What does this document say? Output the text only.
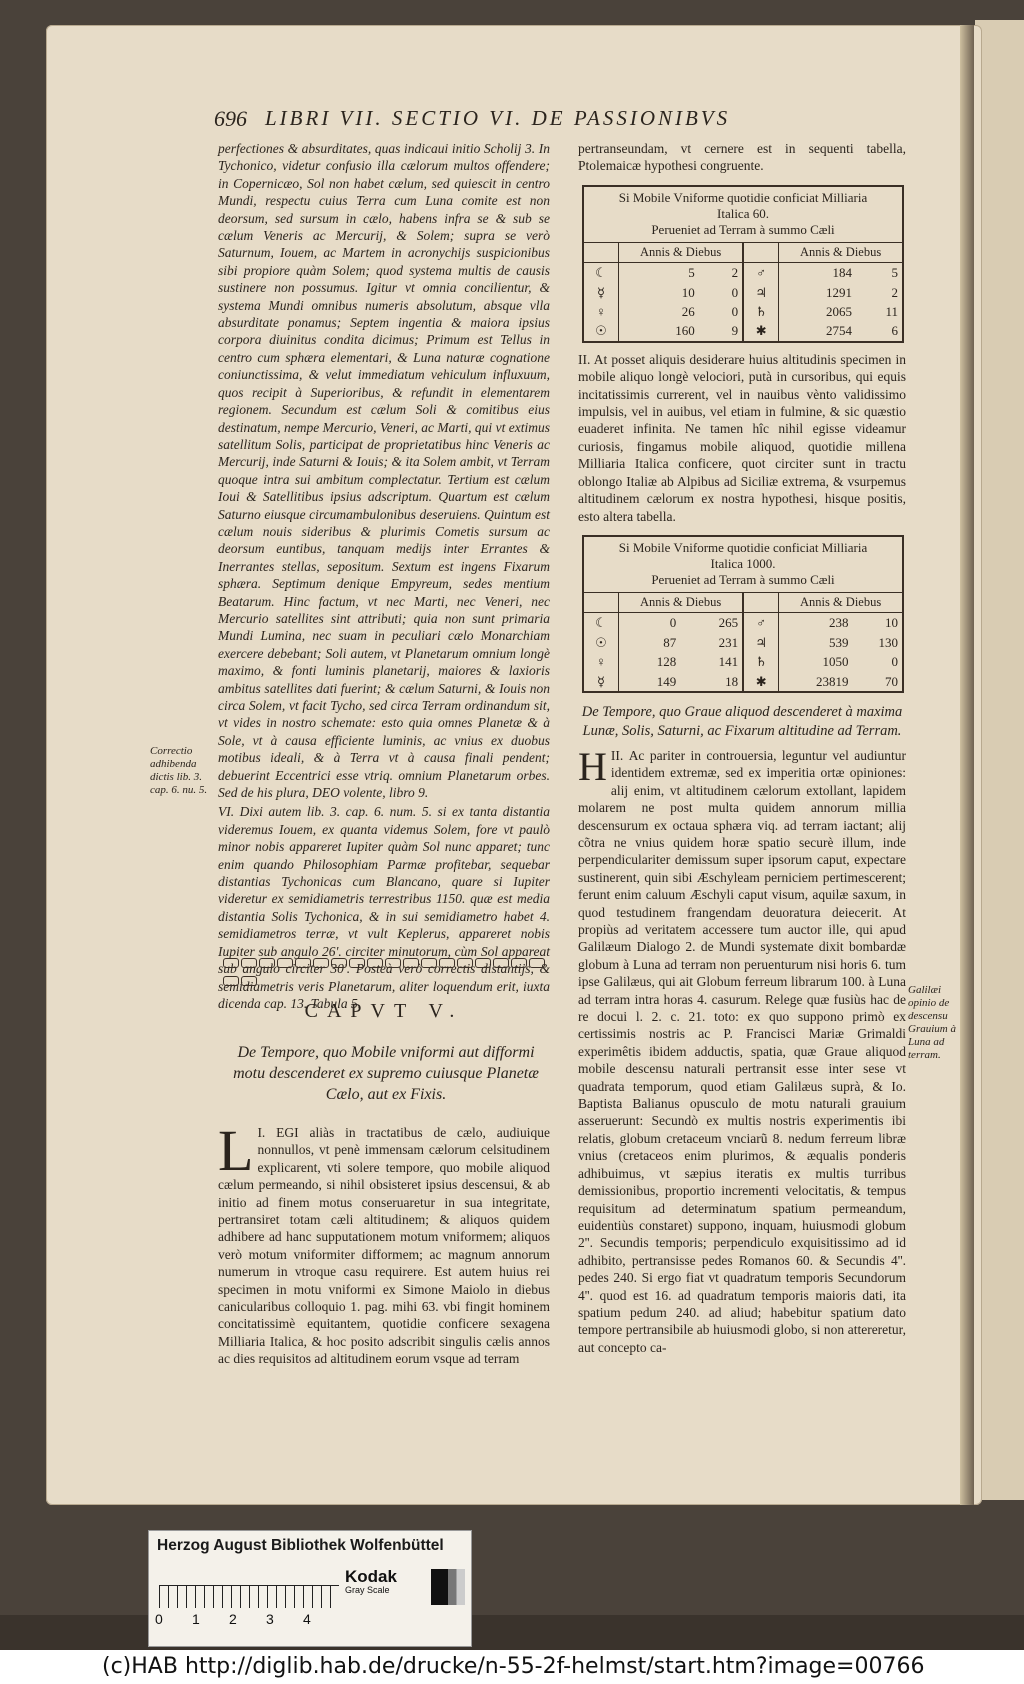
696 LIBRI VII. SECTIO VI. DE PASSIONIBVS

perfectiones & absurditates, quas indicaui initio Scholij 3. In Tychonico, videtur confusio illa cælorum multos offendere; in Copernicæo, Sol non habet cælum, sed quiescit in centro Mundi, respectu cuius Terra cum Luna comite est non deorsum, sed sursum in cælo, habens infra se & sub se cælum Veneris ac Mercurij, & Solem; supra se verò Saturnum, Iouem, ac Martem in acronychijs suspicionibus sibi propiore quàm Solem; quod systema multis de causis sustinere non possumus. Igitur vt omnia concilientur, & systema Mundi omnibus numeris absolutum, absque vlla absurditate ponamus; Septem ingentia & maiora ipsius corpora diuinitus condita dicimus; Primum est Tellus in centro cum sphæra elementari, & Luna naturæ cognatione coniunctissima, & velut immediatum vehiculum influxuum, quos recipit à Superioribus, & refundit in elementarem regionem. Secundum est cælum Soli & comitibus eius destinatum, nempe Mercurio, Veneri, ac Marti, qui vt extimus satellitum Solis, participat de proprietatibus hinc Veneris ac Mercurij, inde Saturni & Iouis; & ita Solem ambit, vt Terram quoque intra sui ambitum complectatur. Tertium est cælum Ioui & Satellitibus ipsius adscriptum. Quartum est cælum Saturno eiusque circumambulonibus deseruiens. Quintum est cælum nouis sideribus & plurimis Cometis sursum ac deorsum euntibus, tanquam medijs inter Errantes & Inerrantes stellas, sepositum. Sextum est ingens Fixarum sphæra. Septimum denique Empyreum, sedes mentium Beatarum. Hinc factum, vt nec Marti, nec Veneri, nec Mercurio satellites sint attributi; quia non sunt primaria Mundi Lumina, nec suam in peculiari cælo Monarchiam exercere debebant; Soli autem, vt Planetarum omnium longè maximo, & fonti luminis planetarij, maiores & laxioris ambitus satellites dati fuerint; & cælum Saturni, & Iouis non circa Solem, vt facit Tycho, sed circa Terram ordinandum sit, vt vides in nostro schemate: esto quia omnes Planetæ & à Sole, vt à causa efficiente luminis, ac vnius ex duobus motibus ideali, & à Terra vt à causa finali pendent; debuerint Eccentrici esse vtriq. omnium Planetarum orbes. Sed de his plura, DEO volente, libro 9.

VI. Dixi autem lib. 3. cap. 6. num. 5. si ex tanta distantia videremus Iouem, ex quanta videmus Solem, fore vt paulò minor nobis appareret Iupiter quàm Sol nunc apparet; tunc enim quando Philosophiam Parmæ profitebar, sequebar distantias Tychonicas cum Blancano, quare si Iupiter videretur ex semidiametris terrestribus 1150. quæ est media distantia Solis Tychonica, & in sui semidiametro habet 4. semidiametros terræ, vt vult Keplerus, appareret nobis Iupiter sub angulo 26'. circiter minutorum, cùm Sol appareat sub angulo circiter 30'. Posteà verò correctis distantijs, & semidiametris veris Planetarum, aliter loquendum erit, iuxta dicenda cap. 13. Tabula 5.

Correctio adhibenda dictis lib. 3. cap. 6. nu. 5.
CAPVT V.
De Tempore, quo Mobile vniformi aut difformi motu descenderet ex supremo cuiusque Planetæ Cælo, aut ex Fixis.
I.
L EGI aliàs in tractatibus de cælo, audiuique nonnullos, vt penè immensam cælorum celsitudinem explicarent, vti solere tempore, quo mobile aliquod cælum permeando, si nihil obsisteret ipsius descensui, & ab initio ad finem motus conseruaretur in sua integritate, pertransiret totam cæli altitudinem; & aliquos quidem adhibere ad hanc supputationem motum vniformem; aliquos verò motum vniformiter difformem; ac magnum annorum numerum in vtroque casu requirere. Est autem huius rei specimen in motu vniformi ex Simone Maiolo in diebus canicularibus colloquio 1. pag. mihi 63. vbi fingit hominem concitatissimè equitantem, quotidie conficere sexagena Milliaria Italica, & hoc posito adscribit singulis cælis annos ac dies requisitos ad altitudinem eorum vsque ad terram

pertranseundam, vt cernere est in sequenti tabella, Ptolemaicæ hypothesi congruente.

Si Mobile Vniforme quotidie conficiat Milliaria
Italica 60.
Perueniet ad Terram à summo Cæli
	Annis & Diebus			Annis & Diebus	
☾	5	2	♂	184	5
☿	10	0	♃	1291	2
♀	26	0	♄	2065	11
☉	160	9	✱	2754	6

II. At posset aliquis desiderare huius altitudinis specimen in mobile aliquo longè velociori, putà in cursoribus, qui equis incitatissimis currerent, vel in nauibus vènto validissimo impulsis, vel in auibus, vel etiam in fulmine, & sic quæstio euaderet infinita. Ne tamen hîc nihil egisse videamur curiosis, fingamus mobile aliquod, quotidie millena Milliaria Italica conficere, quot circiter sunt in tractu oblongo Italiæ ab Alpibus ad Siciliæ extrema, & vsurpemus altitudinem cælorum ex nostra hypothesi, hisque positis, esto altera tabella.

Si Mobile Vniforme quotidie conficiat Milliaria
Italica 1000.
Perueniet ad Terram à summo Cæli
	Annis & Diebus			Annis & Diebus	
☾	0	265	♂	238	10
☉	87	231	♃	539	130
♀	128	141	♄	1050	0
☿	149	18	✱	23819	70
De Tempore, quo Graue aliquod descenderet à maxima Lunæ, Solis, Saturni, ac Fixarum altitudine ad Terram.

II.
H Ac pariter in controuersia, leguntur vel audiuntur identidem extremæ, sed ex imperitia ortæ opiniones: alij enim, vt altitudinem cælorum extollant, lapidem molarem ne post multa quidem annorum millia descensurum ex octaua sphæra viq. ad terram iactant; alij cõtra ne vnius quidem horæ spatio securè illum, inde perpendiculariter demissum super ipsorum caput, expectare sustinerent, quin sibi Æschyleam perniciem pertimescerent; ferunt enim caluum Æschyli caput visum, aquilæ saxum, in quod testudinem frangendam deuoratura deiecerit. At propiùs ad veritatem accessere tum auctor ille, qui apud Galilæum Dialogo 2. de Mundi systemate dixit bombardæ globum à Luna ad terram non peruenturum nisi horis 6. tum ipse Galilæus, qui ait Globum ferreum librarum 100. à Luna ad terram intra horas 4. casurum. Relege quæ fusiùs hac de re docui l. 2. c. 21. toto: ex quo suppono primò ex certissimis nostris ac P. Francisci Mariæ Grimaldi experimêtis ibidem adductis, spatia, quæ Graue aliquod mobile descensu naturali pertransit esse inter sese vt quadrata temporum, quod etiam Galilæus suprà, & Io. Baptista Balianus opusculo de motu naturali grauium asseruerunt: Secundò ex multis nostris experimentis ibi relatis, globum cretaceum vnciarũ 8. nedum ferreum libræ vnius (cretaceos enim plurimos, & æqualis ponderis adhibuimus, vt sæpius iteratis ex multis turribus demissionibus, proportio incrementi velocitatis, & tempus requisitum ad determinatum spatium permeandum, euidentiùs constaret) suppono, inquam, huiusmodi globum 2''. Secundis temporis; perpendiculo exquisitissimo ad id adhibito, pertransisse pedes Romanos 60. & Secundis 4''. pedes 240. Si ergo fiat vt quadratum temporis Secundorum 4''. quod est 16. ad quadratum temporis maioris dati, ita spatium pedum 240. ad aliud; habebitur spatium dato tempore pertransibile ab huiusmodi globo, si non attereretur, aut concepto ca-

Galilæi opinio de descensu Grauium à Luna ad terram.
Herzog August Bibliothek Wolfenbüttel
0 1 2 3 4
Kodak
Gray Scale
(c)HAB http://diglib.hab.de/drucke/n-55-2f-helmst/start.htm?image=00766
